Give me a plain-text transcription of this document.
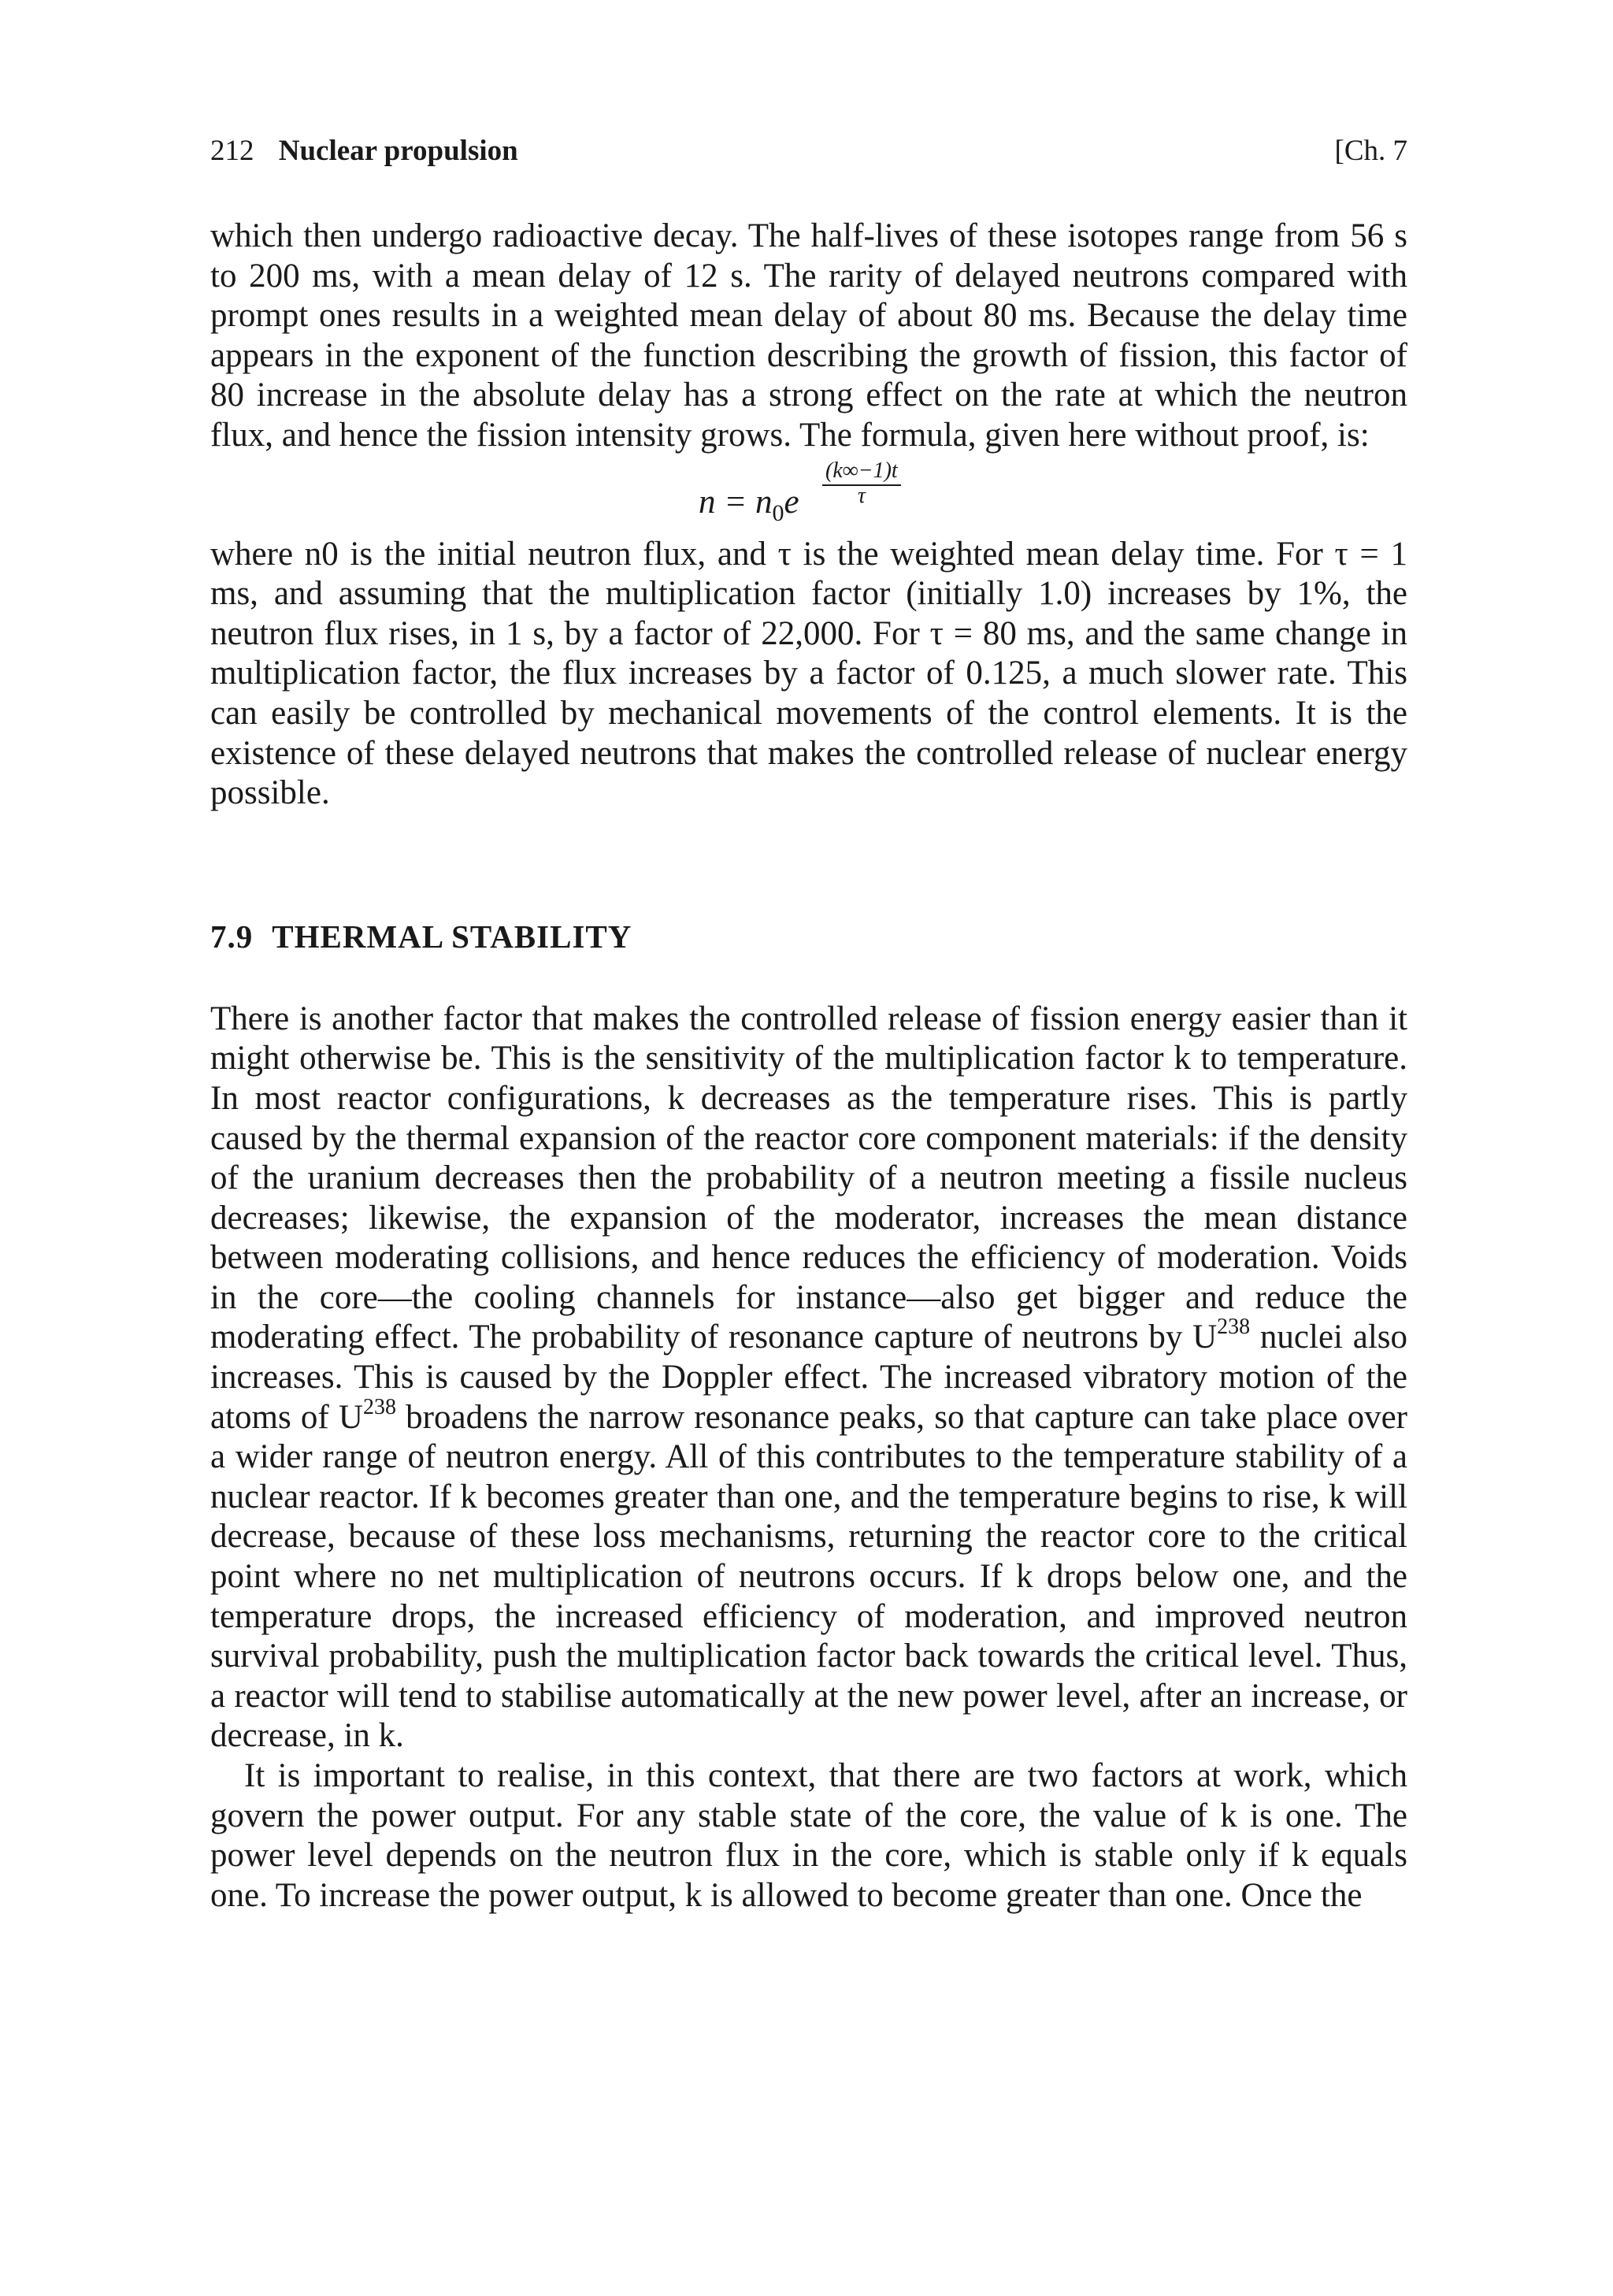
212 Nuclear propulsion	[Ch. 7

which then undergo radioactive decay. The half-lives of these isotopes range from 56 s to 200 ms, with a mean delay of 12 s. The rarity of delayed neutrons compared with prompt ones results in a weighted mean delay of about 80 ms. Because the delay time appears in the exponent of the function describing the growth of fission, this factor of 80 increase in the absolute delay has a strong effect on the rate at which the neutron flux, and hence the fission intensity grows. The formula, given here without proof, is:

$n = n_0e \frac{(k\infty-1)t}{\tau}$

where n0 is the initial neutron flux, and τ is the weighted mean delay time. For τ = 1 ms, and assuming that the multiplication factor (initially 1.0) increases by 1%, the neutron flux rises, in 1 s, by a factor of 22,000. For τ = 80 ms, and the same change in multiplication factor, the flux increases by a factor of 0.125, a much slower rate. This can easily be controlled by mechanical movements of the control elements. It is the existence of these delayed neutrons that makes the controlled release of nuclear energy possible.

7.9 THERMAL STABILITY

There is another factor that makes the controlled release of fission energy easier than it might otherwise be. This is the sensitivity of the multiplication factor k to temperature. In most reactor configurations, k decreases as the temperature rises. This is partly caused by the thermal expansion of the reactor core component materials: if the density of the uranium decreases then the probability of a neutron meeting a fissile nucleus decreases; likewise, the expansion of the moderator, increases the mean distance between moderating collisions, and hence reduces the efficiency of moderation. Voids in the core—the cooling channels for instance—also get bigger and reduce the moderating effect. The probability of resonance capture of neutrons by $U^{238}$ nuclei also increases. This is caused by the Doppler effect. The increased vibratory motion of the atoms of $U^{238}$ broadens the narrow resonance peaks, so that capture can take place over a wider range of neutron energy. All of this contributes to the temperature stability of a nuclear reactor. If k becomes greater than one, and the temperature begins to rise, k will decrease, because of these loss mechanisms, returning the reactor core to the critical point where no net multiplication of neutrons occurs. If k drops below one, and the temperature drops, the increased efficiency of moderation, and improved neutron survival probability, push the multiplication factor back towards the critical level. Thus, a reactor will tend to stabilise automatically at the new power level, after an increase, or decrease, in k.

It is important to realise, in this context, that there are two factors at work, which govern the power output. For any stable state of the core, the value of k is one. The power level depends on the neutron flux in the core, which is stable only if k equals one. To increase the power output, k is allowed to become greater than one. Once the
